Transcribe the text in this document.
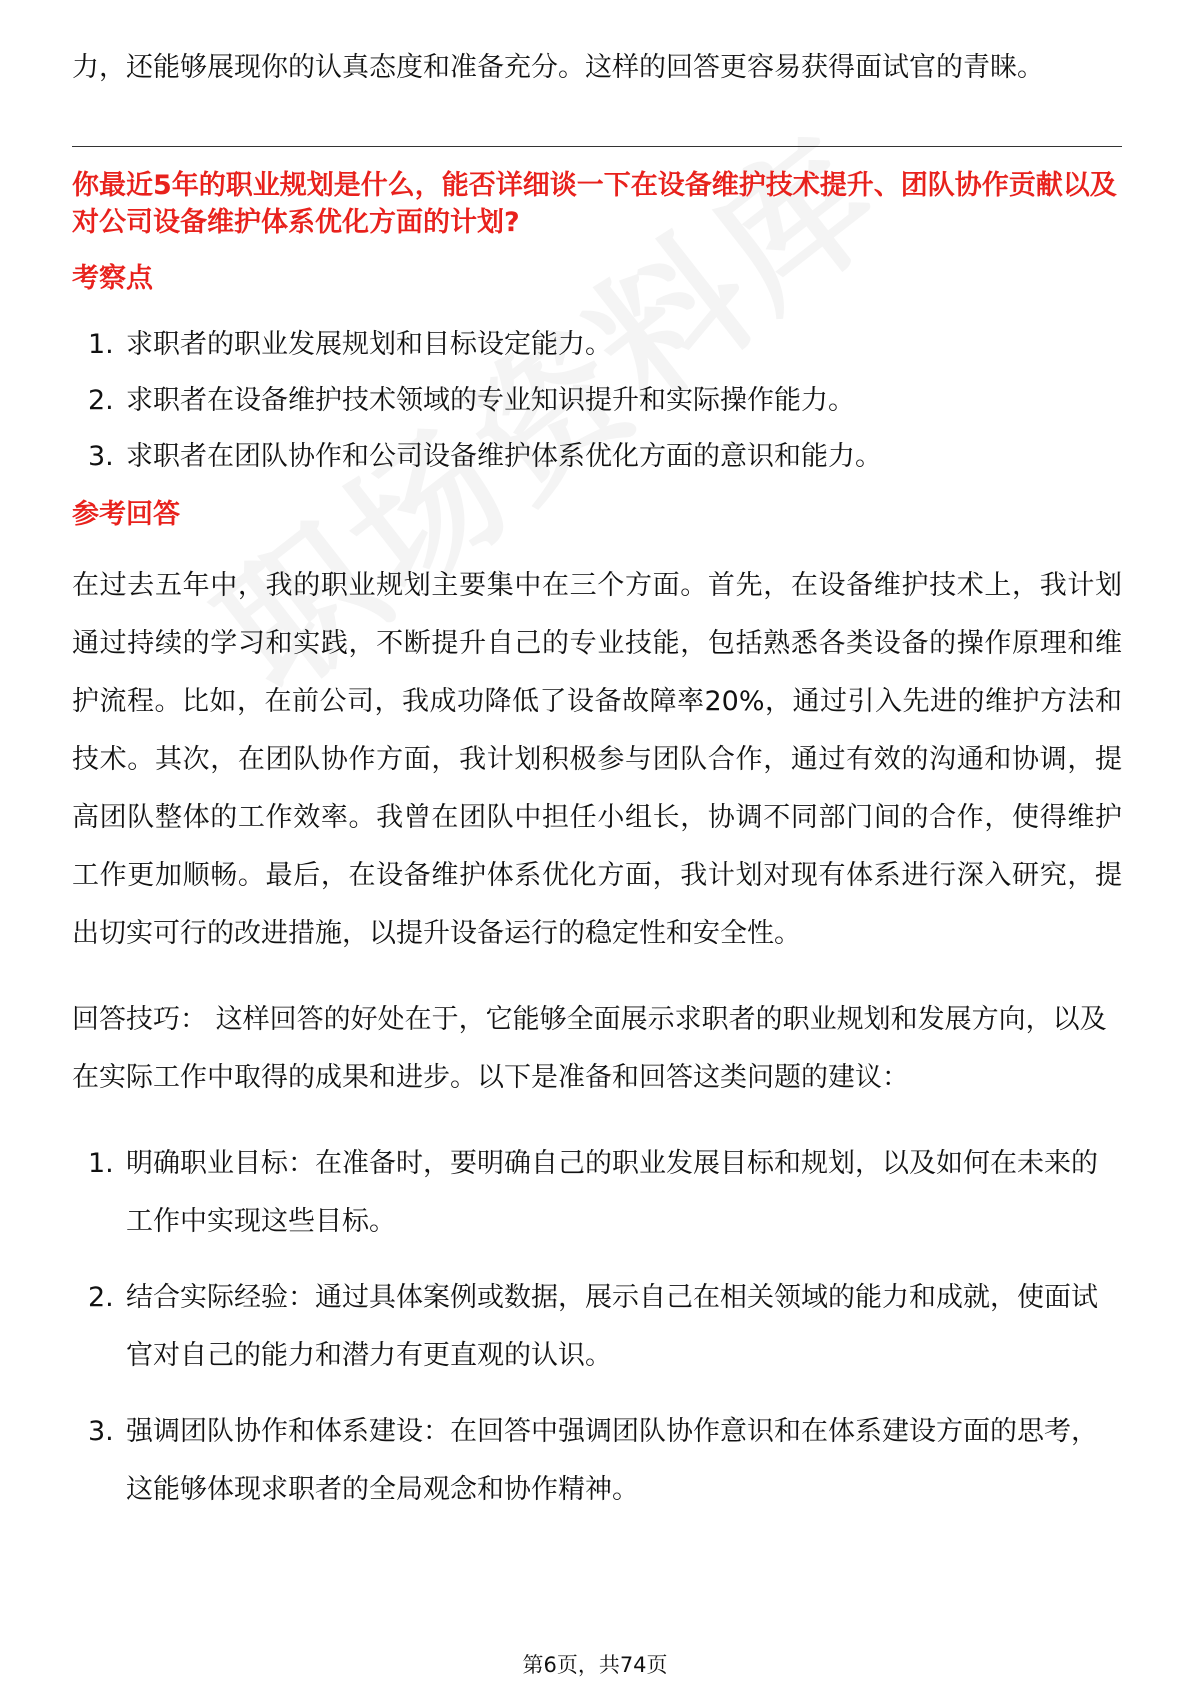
力，还能够展现你的认真态度和准备充分。这样的回答更容易获得面试官的青睐。

你最近5年的职业规划是什么，能否详细谈一下在设备维护技术提升、团队协作贡献以及对公司设备维护体系优化方面的计划?

考察点
1. 求职者的职业发展规划和目标设定能力。
2. 求职者在设备维护技术领域的专业知识提升和实际操作能力。
3. 求职者在团队协作和公司设备维护体系优化方面的意识和能力。
参考回答

在过去五年中，我的职业规划主要集中在三个方面。首先，在设备维护技术上，我计划通过持续的学习和实践，不断提升自己的专业技能，包括熟悉各类设备的操作原理和维护流程。比如，在前公司，我成功降低了设备故障率20%，通过引入先进的维护方法和技术。其次，在团队协作方面，我计划积极参与团队合作，通过有效的沟通和协调，提高团队整体的工作效率。我曾在团队中担任小组长，协调不同部门间的合作，使得维护工作更加顺畅。最后，在设备维护体系优化方面，我计划对现有体系进行深入研究，提出切实可行的改进措施，以提升设备运行的稳定性和安全性。

回答技巧： 这样回答的好处在于，它能够全面展示求职者的职业规划和发展方向，以及在实际工作中取得的成果和进步。以下是准备和回答这类问题的建议：

1. 明确职业目标：在准备时，要明确自己的职业发展目标和规划，以及如何在未来的工作中实现这些目标。
2. 结合实际经验：通过具体案例或数据，展示自己在相关领域的能力和成就，使面试官对自己的能力和潜力有更直观的认识。
3. 强调团队协作和体系建设：在回答中强调团队协作意识和在体系建设方面的思考，这能够体现求职者的全局观念和协作精神。
第6页，共74页
